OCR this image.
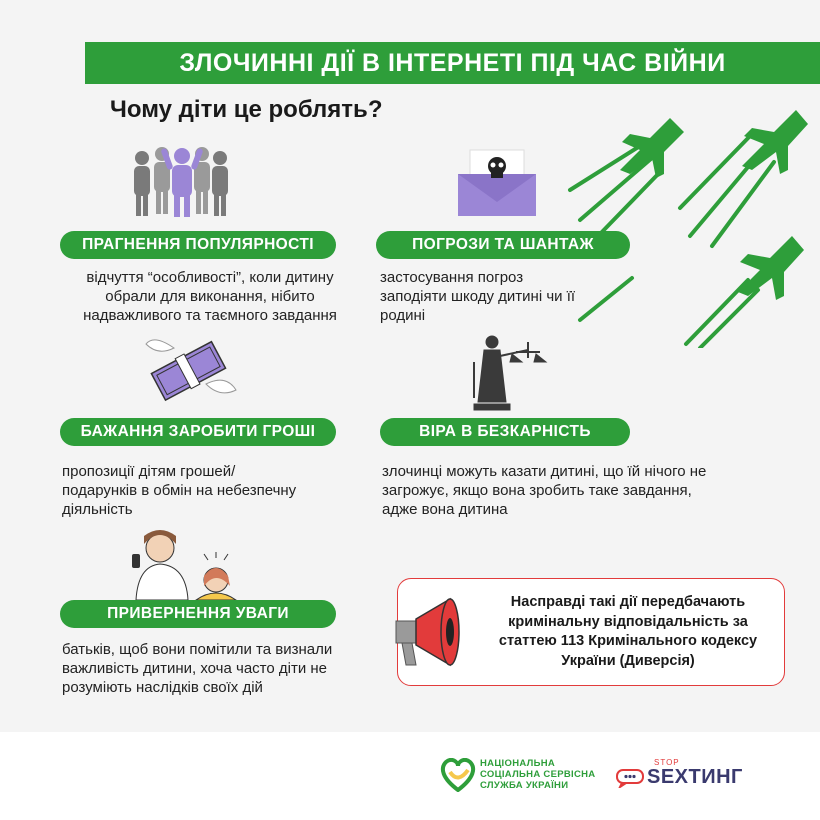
ЗЛОЧИННІ ДІЇ В ІНТЕРНЕТІ ПІД ЧАС ВІЙНИ
Чому діти це роблять?
ПРАГНЕННЯ ПОПУЛЯРНОСТІ
відчуття “особливості”, коли дитину обрали для виконання, нібито надважливого та таємного завдання
ПОГРОЗИ ТА ШАНТАЖ
застосування погроз заподіяти шкоду дитині чи її родині
БАЖАННЯ ЗАРОБИТИ ГРОШІ
пропозиції дітям грошей/ подарунків в обмін на небезпечну діяльність
ВІРА В БЕЗКАРНІСТЬ
злочинці можуть казати дитині, що їй нічого не загрожує, якщо вона зробить таке завдання, адже вона дитина
ПРИВЕРНЕННЯ УВАГИ
батьків, щоб вони помітили та визнали важливість дитини, хоча часто діти не розуміють наслідків своїх дій
Насправді такі дії передбачають кримінальну відповідальність за статтею 113 Кримінального кодексу України (Диверсія)
НАЦІОНАЛЬНА
СОЦІАЛЬНА СЕРВІСНА
СЛУЖБА УКРАЇНИ
STOP
SEXТИНГ
